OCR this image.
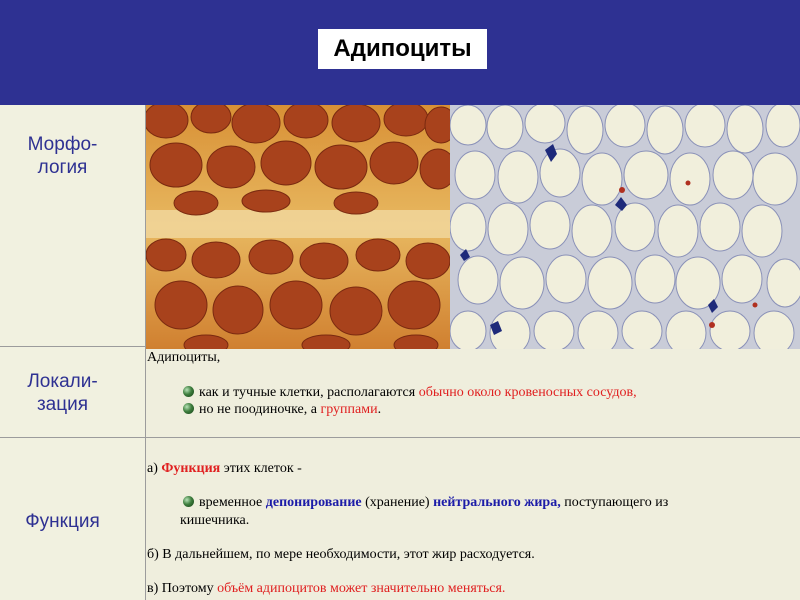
Адипоциты
Морфо-
логия
Локали-
зация
Функция
Адипоциты,
как и тучные клетки, располагаются обычно около кровеносных сосудов,
но не поодиночке, а группами.
а) Функция этих клеток -
временное депонирование (хранение) нейтрального жира, поступающего из
кишечника.
б) В дальнейшем, по мере необходимости, этот жир расходуется.
в) Поэтому объём адипоцитов может значительно меняться.
